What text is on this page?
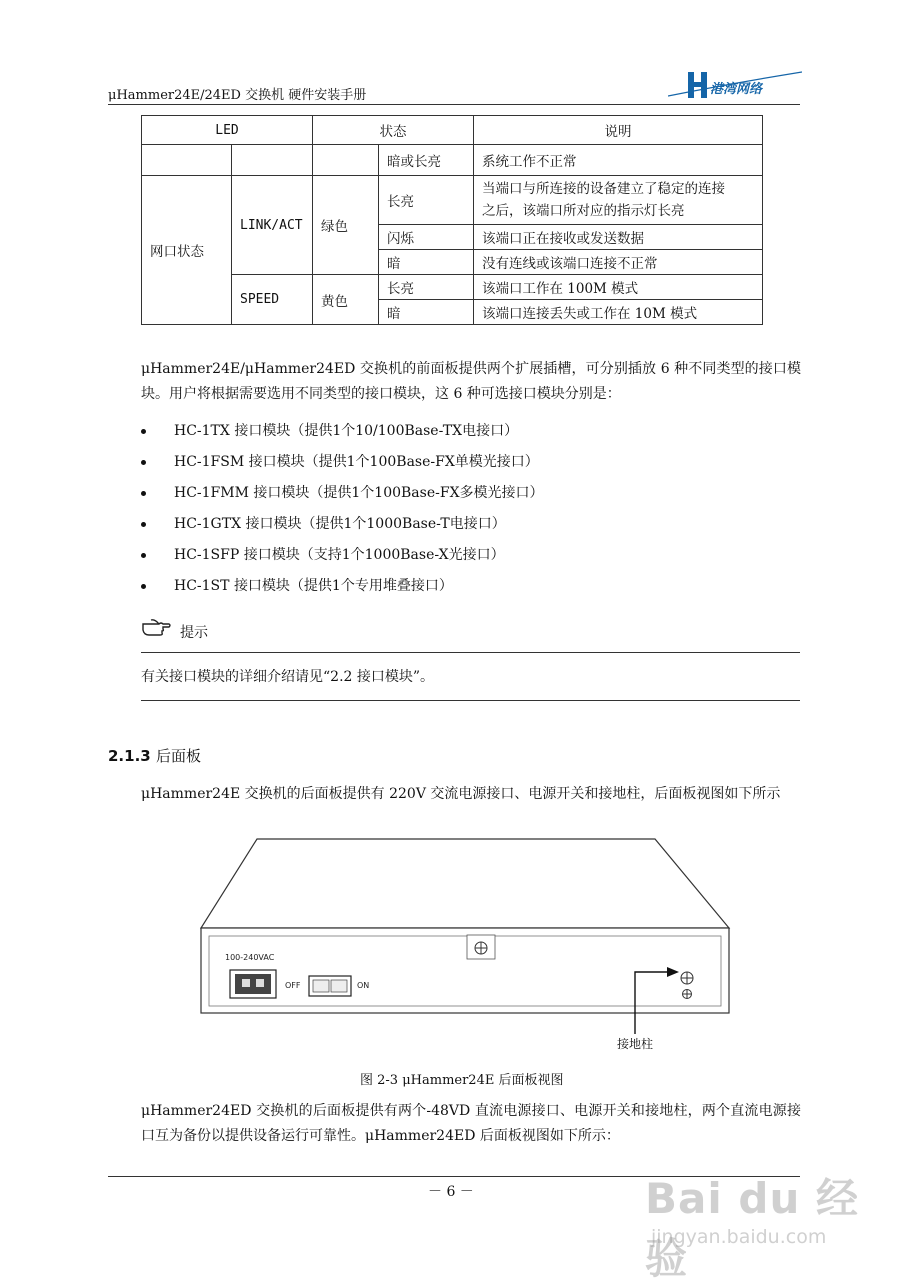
μHammer24E/24ED 交换机 硬件安装手册	港湾网络
LED		状态		说明
			暗或长亮	系统工作不正常
网口状态	LINK/ACT	绿色	长亮	当端口与所连接的设备建立了稳定的连接
之后，该端口所对应的指示灯长亮

			闪烁	该端口正在接收或发送数据
			暗	没有连线或该端口连接不正常
	SPEED	黄色	长亮	该端口工作在 100M 模式
			暗	该端口连接丢失或工作在 10M 模式
μHammer24E/μHammer24ED 交换机的前面板提供两个扩展插槽，可分别插放 6 种不同类型的接口模块。用户将根据需要选用不同类型的接口模块，这 6 种可选接口模块分别是：
HC-1TX 接口模块（提供1个10/100Base-TX电接口）
HC-1FSM 接口模块（提供1个100Base-FX单模光接口）
HC-1FMM 接口模块（提供1个100Base-FX多模光接口）
HC-1GTX 接口模块（提供1个1000Base-T电接口）
HC-1SFP 接口模块（支持1个1000Base-X光接口）
HC-1ST 接口模块（提供1个专用堆叠接口）
提示
有关接口模块的详细介绍请见“2.2 接口模块”。
2.1.3 后面板
μHammer24E 交换机的后面板提供有 220V 交流电源接口、电源开关和接地柱，后面板视图如下所示
100-240VAC
OFF	ON
接地柱
图 2-3 μHammer24E 后面板视图
μHammer24ED 交换机的后面板提供有两个-48VD 直流电源接口、电源开关和接地柱，两个直流电源接口互为备份以提供设备运行可靠性。μHammer24ED 后面板视图如下所示：
－ 6 －	Bai du 经验
jingyan.baidu.com
